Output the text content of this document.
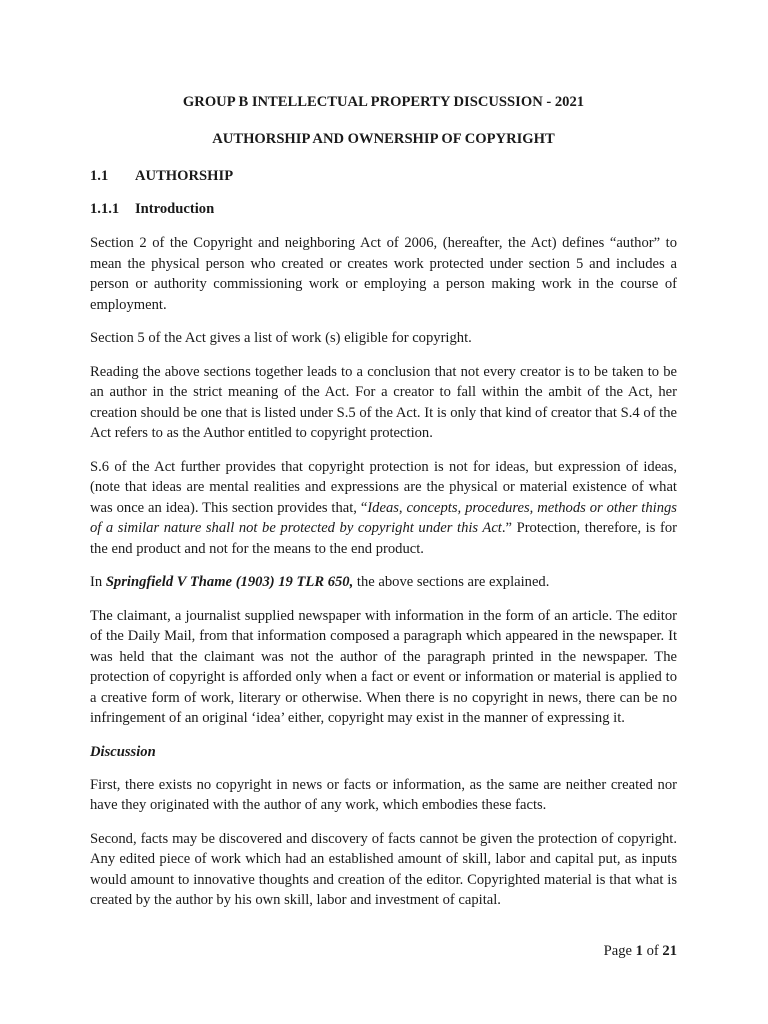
GROUP B INTELLECTUAL PROPERTY DISCUSSION - 2021
AUTHORSHIP AND OWNERSHIP OF COPYRIGHT
1.1	AUTHORSHIP
1.1.1	Introduction

Section 2 of the Copyright and neighboring Act of 2006, (hereafter, the Act) defines “author” to mean the physical person who created or creates work protected under section 5 and includes a person or authority commissioning work or employing a person making work in the course of employment.

Section 5 of the Act gives a list of work (s) eligible for copyright.

Reading the above sections together leads to a conclusion that not every creator is to be taken to be an author in the strict meaning of the Act. For a creator to fall within the ambit of the Act, her creation should be one that is listed under S.5 of the Act. It is only that kind of creator that S.4 of the Act refers to as the Author entitled to copyright protection.

S.6 of the Act further provides that copyright protection is not for ideas, but expression of ideas, (note that ideas are mental realities and expressions are the physical or material existence of what was once an idea). This section provides that, “Ideas, concepts, procedures, methods or other things of a similar nature shall not be protected by copyright under this Act.” Protection, therefore, is for the end product and not for the means to the end product.

In Springfield V Thame (1903) 19 TLR 650, the above sections are explained.

The claimant, a journalist supplied newspaper with information in the form of an article. The editor of the Daily Mail, from that information composed a paragraph which appeared in the newspaper. It was held that the claimant was not the author of the paragraph printed in the newspaper. The protection of copyright is afforded only when a fact or event or information or material is applied to a creative form of work, literary or otherwise. When there is no copyright in news, there can be no infringement of an original ‘idea’ either, copyright may exist in the manner of expressing it.

Discussion

First, there exists no copyright in news or facts or information, as the same are neither created nor have they originated with the author of any work, which embodies these facts.

Second, facts may be discovered and discovery of facts cannot be given the protection of copyright. Any edited piece of work which had an established amount of skill, labor and capital put, as inputs would amount to innovative thoughts and creation of the editor. Copyrighted material is that what is created by the author by his own skill, labor and investment of capital.

Page 1 of 21
